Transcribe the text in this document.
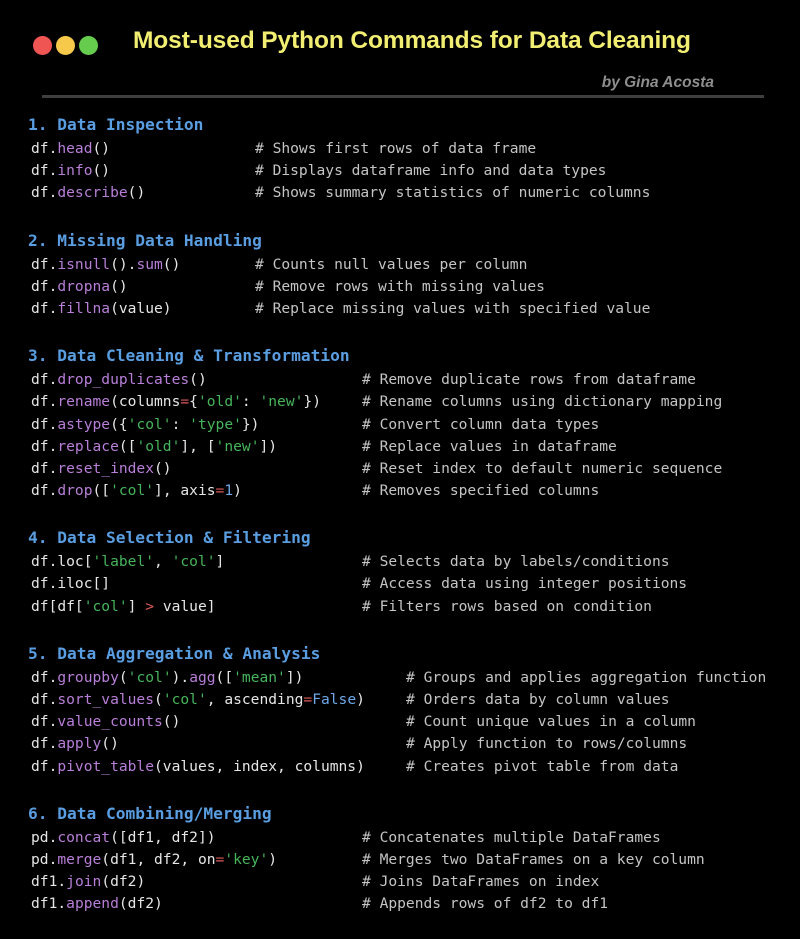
Most-used Python Commands for Data Cleaning
by Gina Acosta
1. Data Inspection
df.head()	# Shows first rows of data frame
df.info()	# Displays dataframe info and data types
df.describe()	# Shows summary statistics of numeric columns
2. Missing Data Handling
df.isnull().sum()	# Counts null values per column
df.dropna()	# Remove rows with missing values
df.fillna(value)	# Replace missing values with specified value
3. Data Cleaning & Transformation
df.drop_duplicates()	# Remove duplicate rows from dataframe
df.rename(columns={'old': 'new'})	# Rename columns using dictionary mapping
df.astype({'col': 'type'})	# Convert column data types
df.replace(['old'], ['new'])	# Replace values in dataframe
df.reset_index()	# Reset index to default numeric sequence
df.drop(['col'], axis=1)	# Removes specified columns
4. Data Selection & Filtering
df.loc['label', 'col']	# Selects data by labels/conditions
df.iloc[]	# Access data using integer positions
df[df['col'] > value]	# Filters rows based on condition
5. Data Aggregation & Analysis
df.groupby('col').agg(['mean'])	# Groups and applies aggregation function
df.sort_values('col', ascending=False)	# Orders data by column values
df.value_counts()	# Count unique values in a column
df.apply()	# Apply function to rows/columns
df.pivot_table(values, index, columns)	# Creates pivot table from data
6. Data Combining/Merging
pd.concat([df1, df2])	# Concatenates multiple DataFrames
pd.merge(df1, df2, on='key')	# Merges two DataFrames on a key column
df1.join(df2)	# Joins DataFrames on index
df1.append(df2)	# Appends rows of df2 to df1
